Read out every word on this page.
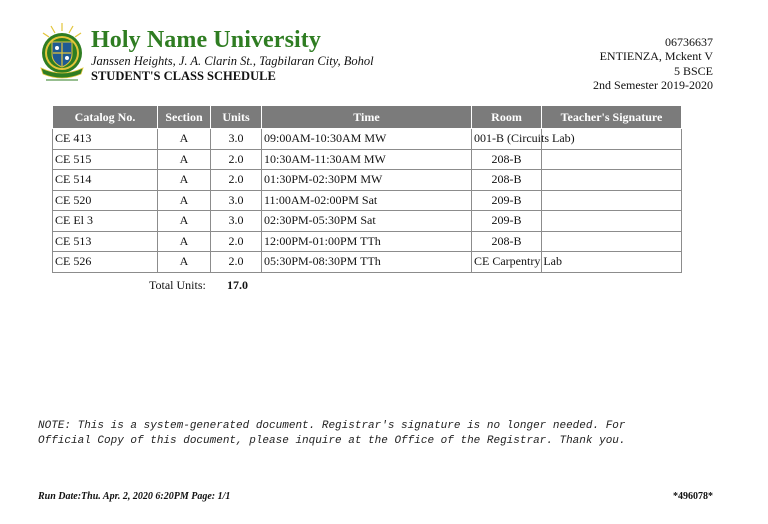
Holy Name University
Janssen Heights, J. A. Clarin St., Tagbilaran City, Bohol
STUDENT'S CLASS SCHEDULE
06736637
ENTIENZA, Mckent V
5 BSCE
2nd Semester 2019-2020
Catalog No.	Section	Units	Time	Room	Teacher's Signature
CE 413	A	3.0	09:00AM-10:30AM MW	001-B (Circuits Lab)	
CE 515	A	2.0	10:30AM-11:30AM MW	208-B	
CE 514	A	2.0	01:30PM-02:30PM MW	208-B	
CE 520	A	3.0	11:00AM-02:00PM Sat	209-B	
CE El 3	A	3.0	02:30PM-05:30PM Sat	209-B	
CE 513	A	2.0	12:00PM-01:00PM TTh	208-B	
CE 526	A	2.0	05:30PM-08:30PM TTh	CE Carpentry Lab	
Total Units: 17.0
NOTE: This is a system-generated document. Registrar's signature is no longer needed. For
Official Copy of this document, please inquire at the Office of the Registrar. Thank you.
Run Date:Thu. Apr. 2, 2020 6:20PM Page: 1/1	*496078*
